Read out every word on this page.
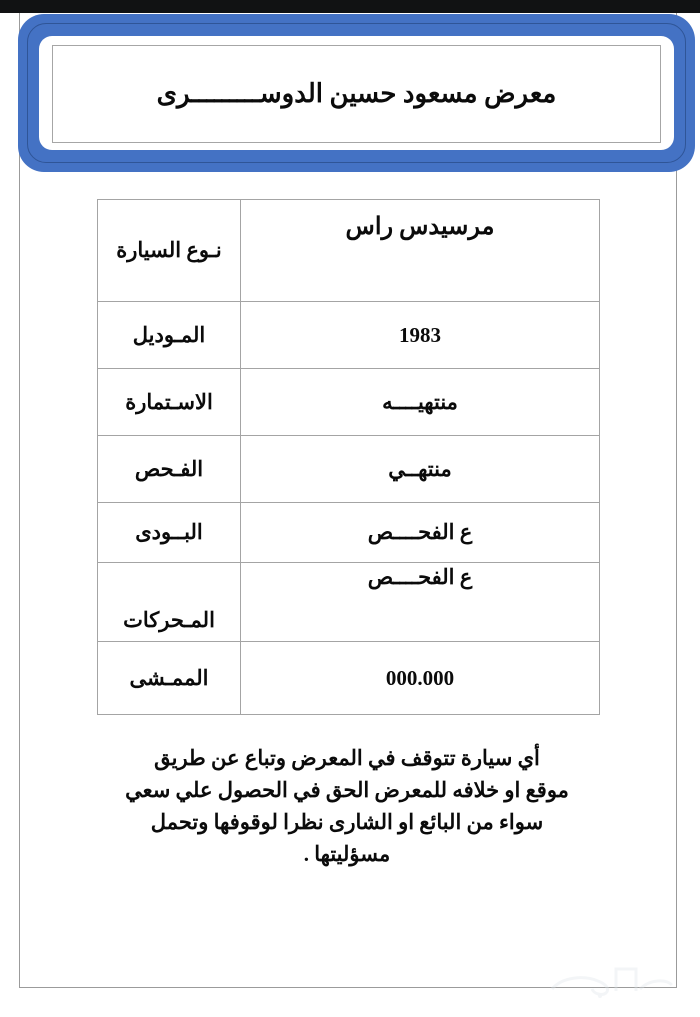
معرض مسعود حسين الدوســـــــــرى
مرسيدس راس	نـوع السيارة

1983	المـوديل

منتهيــــه	الاسـتمارة

منتهــي	الفـحص

ع الفحــــص	البــودى

ع الفحــــص	المـحركات

000.000	الممـشى
أي سيارة تتوقف في المعرض وتباع عن طريق
موقع او خلافه للمعرض الحق في الحصول علي سعي
سواء من البائع او الشارى نظرا لوقوفها وتحمل
مسؤليتها .
